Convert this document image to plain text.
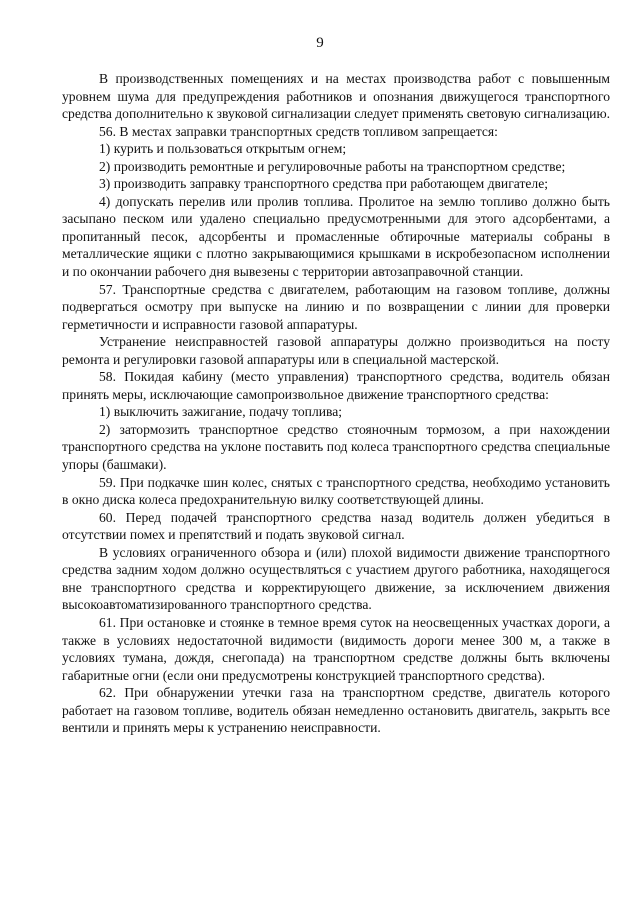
9

В производственных помещениях и на местах производства работ с повышенным уровнем шума для предупреждения работников и опознания движущегося транспортного средства дополнительно к звуковой сигнализации следует применять световую сигнализацию.

56. В местах заправки транспортных средств топливом запрещается:

1) курить и пользоваться открытым огнем;

2) производить ремонтные и регулировочные работы на транспортном средстве;

3) производить заправку транспортного средства при работающем двигателе;

4) допускать перелив или пролив топлива. Пролитое на землю топливо должно быть засыпано песком или удалено специально предусмотренными для этого адсорбентами, а пропитанный песок, адсорбенты и промасленные обтирочные материалы собраны в металлические ящики с плотно закрывающимися крышками в искробезопасном исполнении и по окончании рабочего дня вывезены с территории автозаправочной станции.

57. Транспортные средства с двигателем, работающим на газовом топливе, должны подвергаться осмотру при выпуске на линию и по возвращении с линии для проверки герметичности и исправности газовой аппаратуры.

Устранение неисправностей газовой аппаратуры должно производиться на посту ремонта и регулировки газовой аппаратуры или в специальной мастерской.

58. Покидая кабину (место управления) транспортного средства, водитель обязан принять меры, исключающие самопроизвольное движение транспортного средства:

1) выключить зажигание, подачу топлива;

2) затормозить транспортное средство стояночным тормозом, а при нахождении транспортного средства на уклоне поставить под колеса транспортного средства специальные упоры (башмаки).

59. При подкачке шин колес, снятых с транспортного средства, необходимо установить в окно диска колеса предохранительную вилку соответствующей длины.

60. Перед подачей транспортного средства назад водитель должен убедиться в отсутствии помех и препятствий и подать звуковой сигнал.

В условиях ограниченного обзора и (или) плохой видимости движение транспортного средства задним ходом должно осуществляться с участием другого работника, находящегося вне транспортного средства и корректирующего движение, за исключением движения высокоавтоматизированного транспортного средства.

61. При остановке и стоянке в темное время суток на неосвещенных участках дороги, а также в условиях недостаточной видимости (видимость дороги менее 300 м, а также в условиях тумана, дождя, снегопада) на транспортном средстве должны быть включены габаритные огни (если они предусмотрены конструкцией транспортного средства).

62. При обнаружении утечки газа на транспортном средстве, двигатель которого работает на газовом топливе, водитель обязан немедленно остановить двигатель, закрыть все вентили и принять меры к устранению неисправности.
